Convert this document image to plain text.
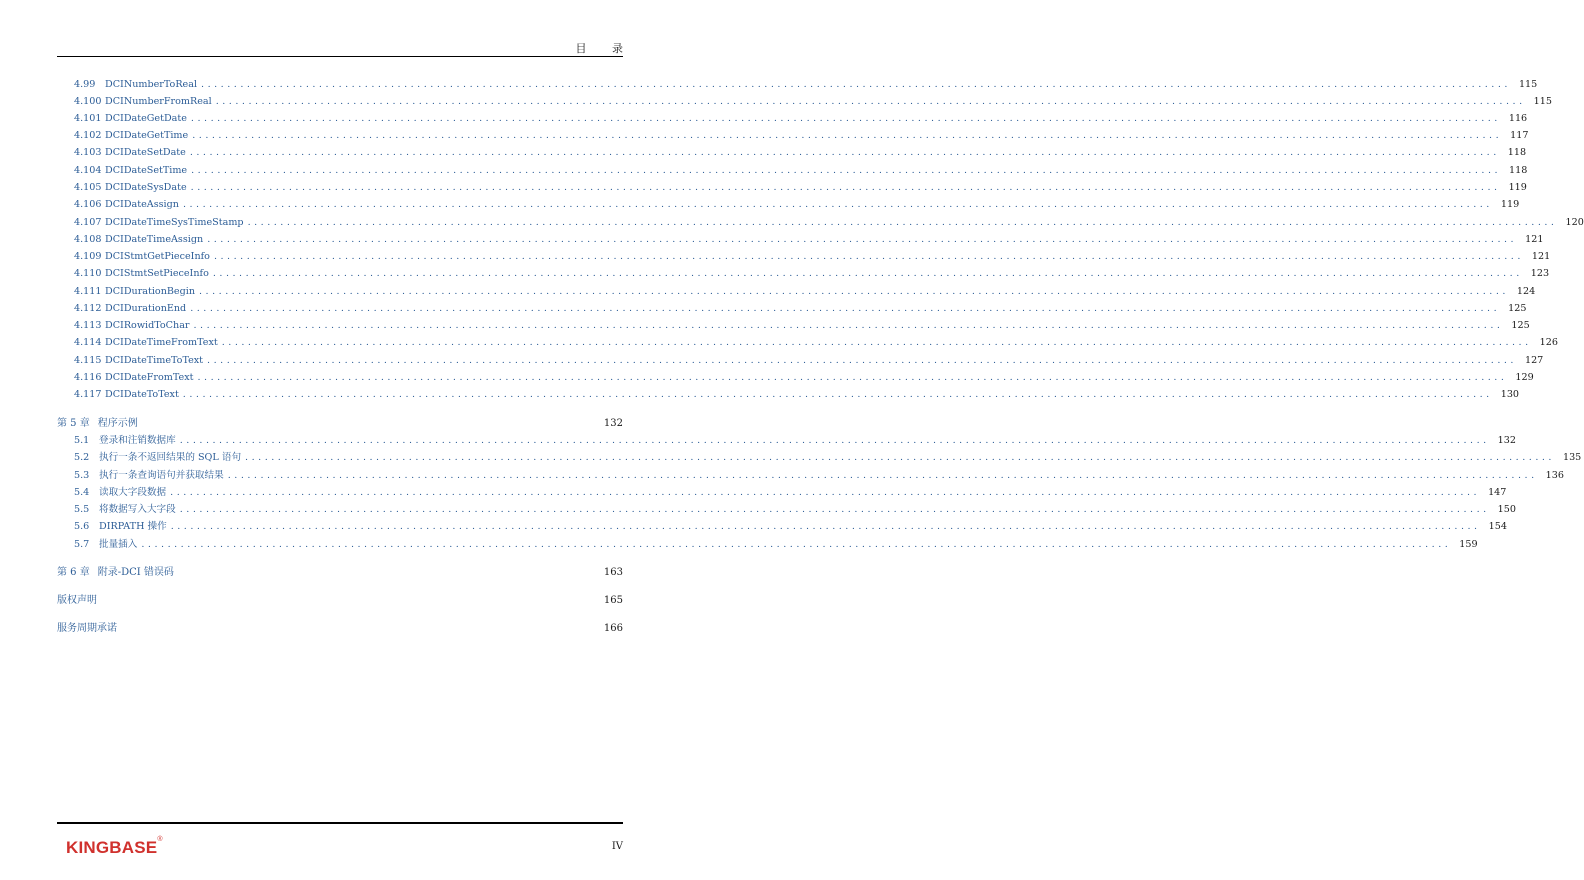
目 录
4.99	DCINumberToReal ........................................................................................................................................................................................................ 115
4.100 DCINumberFromReal ........................................................................................................................................................................................................ 115
4.101 DCIDateGetDate ........................................................................................................................................................................................................ 116
4.102 DCIDateGetTime ........................................................................................................................................................................................................ 117
4.103 DCIDateSetDate ........................................................................................................................................................................................................ 118
4.104 DCIDateSetTime ........................................................................................................................................................................................................ 118
4.105 DCIDateSysDate ........................................................................................................................................................................................................ 119
4.106 DCIDateAssign ........................................................................................................................................................................................................ 119
4.107 DCIDateTimeSysTimeStamp ........................................................................................................................................................................................................ 120
4.108 DCIDateTimeAssign ........................................................................................................................................................................................................ 121
4.109 DCIStmtGetPieceInfo ........................................................................................................................................................................................................ 121
4.110 DCIStmtSetPieceInfo ........................................................................................................................................................................................................ 123
4.111 DCIDurationBegin ........................................................................................................................................................................................................ 124
4.112 DCIDurationEnd ........................................................................................................................................................................................................ 125
4.113 DCIRowidToChar ........................................................................................................................................................................................................ 125
4.114 DCIDateTimeFromText ........................................................................................................................................................................................................ 126
4.115 DCIDateTimeToText ........................................................................................................................................................................................................ 127
4.116 DCIDateFromText ........................................................................................................................................................................................................ 129
4.117 DCIDateToText ........................................................................................................................................................................................................ 130
第 5 章 程序示例	132
5.1	登录和注销数据库 ........................................................................................................................................................................................................ 132
5.2	执行一条不返回结果的 SQL 语句 ........................................................................................................................................................................................................ 135
5.3	执行一条查询语句并获取结果 ........................................................................................................................................................................................................ 136
5.4	读取大字段数据 ........................................................................................................................................................................................................ 147
5.5	将数据写入大字段 ........................................................................................................................................................................................................ 150
5.6	DIRPATH 操作 ........................................................................................................................................................................................................ 154
5.7	批量插入 ........................................................................................................................................................................................................ 159
第 6 章 附录-DCI 错误码	163
版权声明	165
服务周期承诺	166
KINGBASE®
IV
